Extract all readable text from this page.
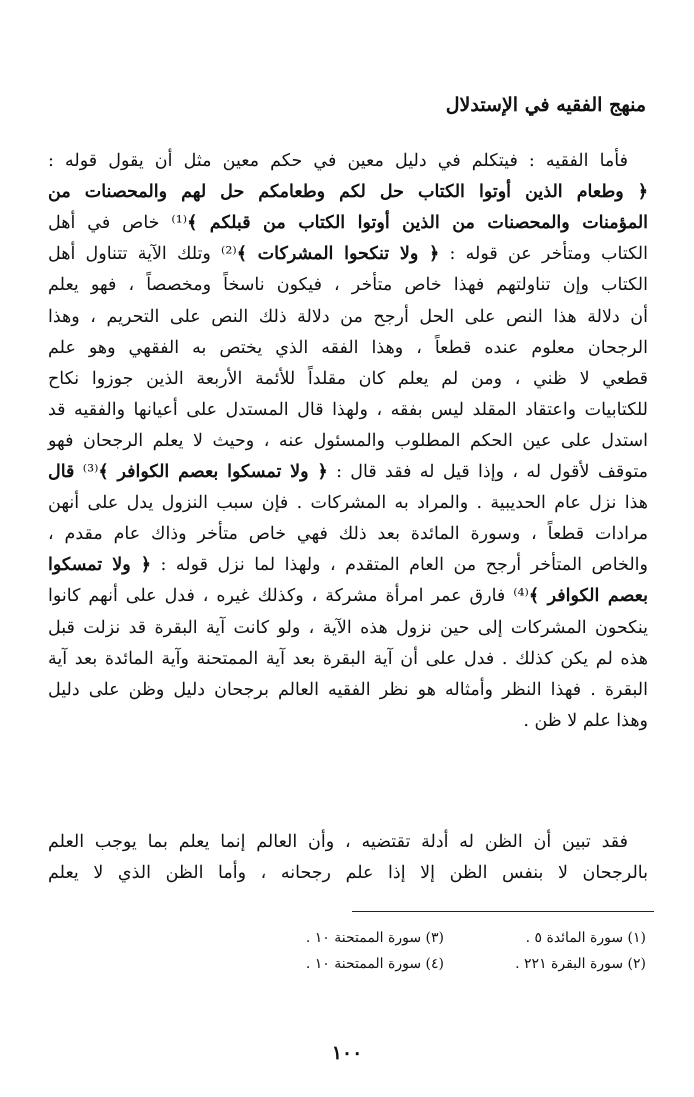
منهج الفقيه في الإستدلال
فأما الفقيه : فيتكلم في دليل معين في حكم معين مثل أن يقول قوله :
﴿ وطعام الذين أوتوا الكتاب حل لكم وطعامكم حل لهم والمحصنات من
المؤمنات والمحصنات من الذين أوتوا الكتاب من قبلكم ﴾⁽¹⁾ خاص في أهل
الكتاب ومتأخر عن قوله : ﴿ ولا تنكحوا المشركات ﴾⁽²⁾ وتلك الآية تتناول أهل
الكتاب وإن تناولتهم فهذا خاص متأخر ، فيكون ناسخاً ومخصصاً ، فهو يعلم
أن دلالة هذا النص على الحل أرجح من دلالة ذلك النص على التحريم ، وهذا
الرجحان معلوم عنده قطعاً ، وهذا الفقه الذي يختص به الفقهي وهو علم
قطعي لا ظني ، ومن لم يعلم كان مقلداً للأئمة الأربعة الذين جوزوا نكاح
للكتابيات واعتقاد المقلد ليس بفقه ، ولهذا قال المستدل على أعيانها والفقيه قد
استدل على عين الحكم المطلوب والمسئول عنه ، وحيث لا يعلم الرجحان فهو
متوقف لأقول له ، وإذا قيل له فقد قال : ﴿ ولا تمسكوا بعصم الكوافر ﴾⁽³⁾ قال
هذا نزل عام الحديبية . والمراد به المشركات . فإن سبب النزول يدل على أنهن
مرادات قطعاً ، وسورة المائدة بعد ذلك فهي خاص متأخر وذاك عام مقدم ،
والخاص المتأخر أرجح من العام المتقدم ، ولهذا لما نزل قوله : ﴿ ولا تمسكوا
بعصم الكوافر ﴾⁽⁴⁾ فارق عمر امرأة مشركة ، وكذلك غيره ، فدل على أنهم كانوا
ينكحون المشركات إلى حين نزول هذه الآية ، ولو كانت آية البقرة قد نزلت قبل
هذه لم يكن كذلك . فدل على أن آية البقرة بعد آية الممتحنة وآية المائدة بعد آية
البقرة . فهذا النظر وأمثاله هو نظر الفقيه العالم برجحان دليل وظن على دليل
وهذا علم لا ظن .
فقد تبين أن الظن له أدلة تقتضيه ، وأن العالم إنما يعلم بما يوجب العلم
بالرجحان لا بنفس الظن إلا إذا علم رجحانه ، وأما الظن الذي لا يعلم
(١) سورة المائدة ٥ .
(٢) سورة البقرة ٢٢١ .
(٣) سورة الممتحنة ١٠ .
(٤) سورة الممتحنة ١٠ .
١٠٠
